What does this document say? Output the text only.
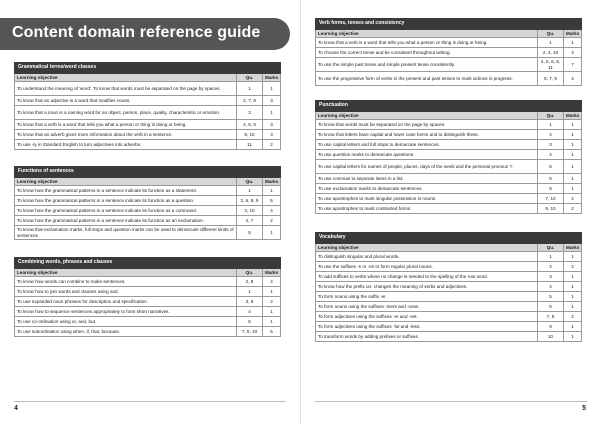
Content domain reference guide
Grammatical terms/word classes		
Learning objective	Qu.	Marks
To understand the meaning of 'word'. To know that words must be separated on the page by spaces.	1	1
To know that an adjective is a word that modifies nouns.	2, 7, 8	3
To know that a noun is a naming word for an object, person, place, quality, characteristic or emotion.	3	1
To know that a verb is a word that tells you what a person or thing is doing or being.	4, 5, 6	3
To know that an adverb gives more information about the verb in a sentence.	9, 10	3
To use -ly in Standard English to turn adjectives into adverbs.	11	2
Functions of sentences		
Learning objective	Qu.	Marks
To know how the grammatical patterns in a sentence indicate its function as a statement.	1	1
To know how the grammatical patterns in a sentence indicate its function as a question.	2, 6, 8, 9	5
To know how the grammatical patterns in a sentence indicate its function as a command.	3, 10	4
To know how the grammatical patterns in a sentence indicate its function as an exclamation.	4, 7	2
To know that exclamation marks, full stops and question marks can be used to demarcate different kinds of sentences.	5	1
Combining words, phrases and clauses		
Learning objective	Qu.	Marks
To know how words can combine to make sentences.	2, 8	4
To know how to join words and clauses using and.	1	1
To use expanded noun phrases for description and specification.	3, 6	2
To know how to sequence sentences appropriately to form short narratives.	4	1
To use co-ordination using or, and, but.	5	1
To use subordination using when, if, that, because.	7, 9, 10	5
4
Verb forms, tenses and consistency		
Learning objective	Qu.	Marks
To know that a verb is a word that tells you what a person or thing is doing or being.	1	1
To choose the correct tense and be consistent throughout writing.	2, 3, 10	4
To use the simple past tense and simple present tense consistently.	4, 5, 6, 8, 11	7
To use the progressive form of verbs in the present and past tenses to mark actions in progress.	6, 7, 9	3
Punctuation		
Learning objective	Qu.	Marks
To know that words must be separated on the page by spaces.	1	1
To know that letters have capital and lower case forms and to distinguish these.	2	1
To use capital letters and full stops to demarcate sentences.	3	1
To use question marks to demarcate questions.	4	1
To use capital letters for names of people, places, days of the week and the personal pronoun 'I'.	5	1
To use commas to separate items in a list.	6	1
To use exclamation marks to demarcate sentences.	8	1
To use apostrophes to mark singular possession in nouns.	7, 10	2
To use apostrophes to mark contracted forms.	9, 10	2
Vocabulary		
Learning objective	Qu.	Marks
To distinguish singular and plural words.	1	1
To use the suffixes -s or -es to form regular plural nouns.	2	2
To add suffixes to verbs where no change is needed to the spelling of the root word.	3	1
To know how the prefix un- changes the meaning of verbs and adjectives.	4	1
To form nouns using the suffix -er.	5	1
To form nouns using the suffixes -ment and -ness.	6	1
To form adjectives using the suffixes -er and -est.	7, 8	2
To form adjectives using the suffixes -ful and -less.	9	1
To transform words by adding prefixes or suffixes.	10	1
5
